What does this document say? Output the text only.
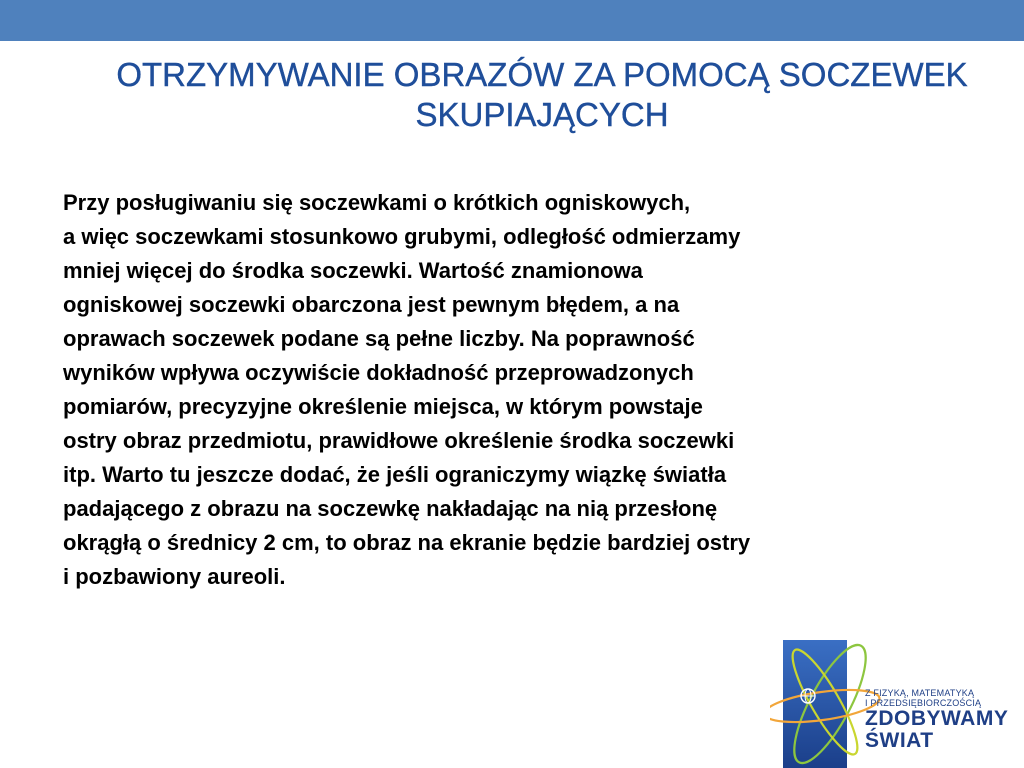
OTRZYMYWANIE OBRAZÓW ZA POMOCĄ SOCZEWEK
SKUPIAJĄCYCH
Przy posługiwaniu się soczewkami o krótkich ogniskowych,
a więc soczewkami stosunkowo grubymi, odległość odmierzamy
mniej więcej do środka soczewki. Wartość znamionowa
ogniskowej soczewki obarczona jest pewnym błędem, a na
oprawach soczewek podane są pełne liczby. Na poprawność
wyników wpływa oczywiście dokładność przeprowadzonych
pomiarów, precyzyjne określenie miejsca, w którym powstaje
ostry obraz przedmiotu, prawidłowe określenie środka soczewki
itp. Warto tu jeszcze dodać, że jeśli ograniczymy wiązkę światła
padającego z obrazu na soczewkę nakładając na nią przesłonę
okrągłą o średnicy 2 cm, to obraz na ekranie będzie bardziej ostry
i pozbawiony aureoli.
Z FIZYKĄ, MATEMATYKĄ
I PRZEDSIĘBIORCZOŚCIĄ
ZDOBYWAMY
ŚWIAT
